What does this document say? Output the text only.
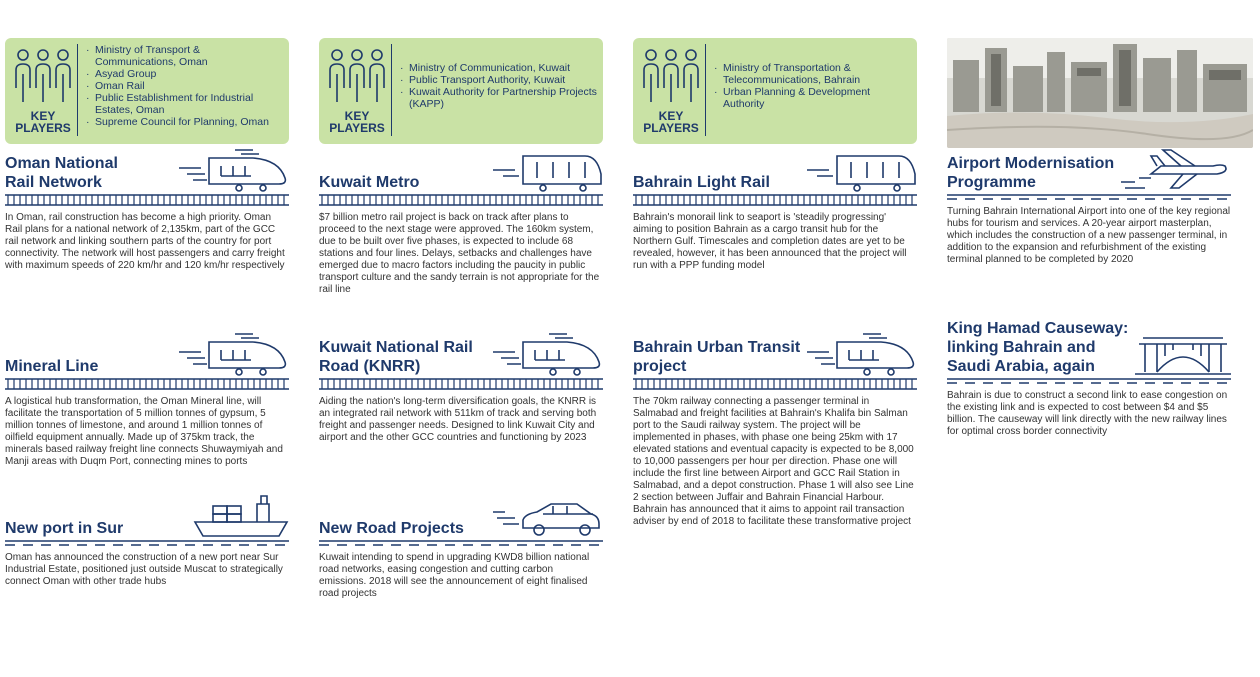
KEY
PLAYERS
· Ministry of Transport & Communications, Oman
· Asyad Group
· Oman Rail
· Public Establishment for Industrial Estates, Oman
· Supreme Council for Planning, Oman
Oman National
Rail Network

In Oman, rail construction has become a high priority. Oman Rail plans for a national network of 2,135km, part of the GCC rail network and linking southern parts of the country for port connectivity. The network will host passengers and carry freight with maximum speeds of 220 km/hr and 120 km/hr respectively

Mineral Line

A logistical hub transformation, the Oman Mineral line, will facilitate the transportation of 5 million tonnes of gypsum, 5 million tonnes of limestone, and around 1 million tonnes of oilfield equipment annually. Made up of 375km track, the minerals based railway freight line connects Shuwaymiyah and Manji areas with Duqm Port, connecting mines to ports

New port in Sur

Oman has announced the construction of a new port near Sur Industrial Estate, positioned just outside Muscat to strategically connect Oman with other trade hubs

KEY
PLAYERS
· Ministry of Communication, Kuwait
· Public Transport Authority, Kuwait
· Kuwait Authority for Partnership Projects (KAPP)
Kuwait Metro

$7 billion metro rail project is back on track after plans to proceed to the next stage were approved. The 160km system, due to be built over five phases, is expected to include 68 stations and four lines. Delays, setbacks and challenges have emerged due to macro factors including the paucity in public transport culture and the sandy terrain is not appropriate for the rail line

Kuwait National Rail
Road (KNRR)

Aiding the nation's long-term diversification goals, the KNRR is an integrated rail network with 511km of track and serving both freight and passenger needs. Designed to link Kuwait City and airport and the other GCC countries and functioning by 2023

New Road Projects

Kuwait intending to spend in upgrading KWD8 billion national road networks, easing congestion and cutting carbon emissions. 2018 will see the announcement of eight finalised road projects

KEY
PLAYERS
· Ministry of Transportation & Telecommunications, Bahrain
· Urban Planning & Development Authority
Bahrain Light Rail

Bahrain's monorail link to seaport is 'steadily progressing' aiming to position Bahrain as a cargo transit hub for the Northern Gulf. Timescales and completion dates are yet to be revealed, however, it has been announced that the project will run with a PPP funding model

Bahrain Urban Transit
project

The 70km railway connecting a passenger terminal in Salmabad and freight facilities at Bahrain's Khalifa bin Salman port to the Saudi railway system. The project will be implemented in phases, with phase one being 25km with 17 elevated stations and eventual capacity is expected to be 8,000 to 10,000 passengers per hour per direction. Phase one will include the first line between Airport and GCC Rail Station in Salmabad, and a depot construction. Phase 1 will also see Line 2 section between Juffair and Bahrain Financial Harbour. Bahrain has announced that it aims to appoint rail transaction adviser by end of 2018 to facilitate these transformative project

Airport Modernisation
Programme

Turning Bahrain International Airport into one of the key regional hubs for tourism and services. A 20-year airport masterplan, which includes the construction of a new passenger terminal, in addition to the expansion and refurbishment of the existing terminal planned to be completed by 2020

King Hamad Causeway:
linking Bahrain and
Saudi Arabia, again

Bahrain is due to construct a second link to ease congestion on the existing link and is expected to cost between $4 and $5 billion. The causeway will link directly with the new railway lines for optimal cross border connectivity
